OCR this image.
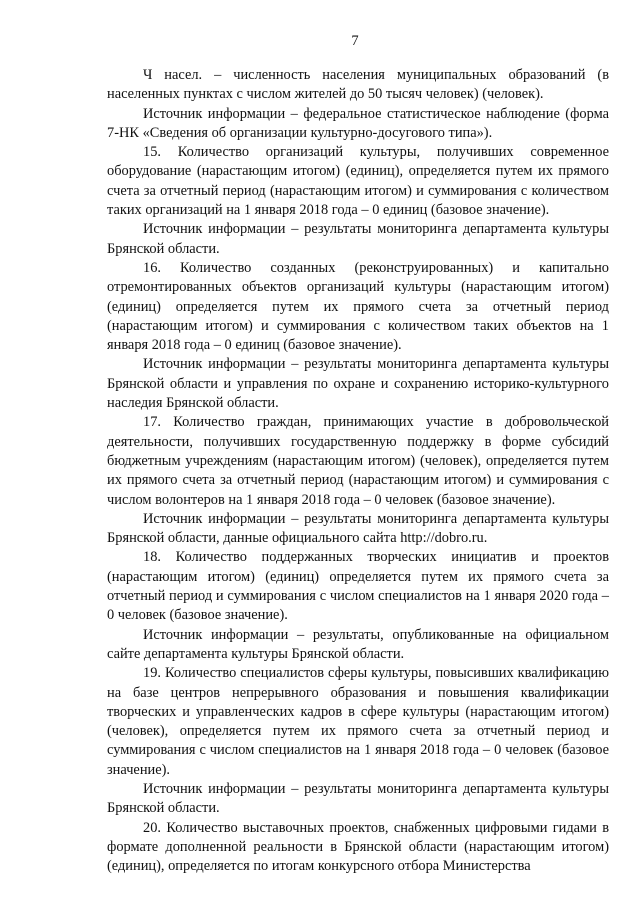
7

Ч насел. – численность населения муниципальных образований (в населенных пунктах с числом жителей до 50 тысяч человек) (человек).

Источник информации – федеральное статистическое наблюдение (форма 7-НК «Сведения об организации культурно-досугового типа»).

15. Количество организаций культуры, получивших современное оборудование (нарастающим итогом) (единиц), определяется путем их прямого счета за отчетный период (нарастающим итогом) и суммирования с количеством таких организаций на 1 января 2018 года – 0 единиц (базовое значение).

Источник информации – результаты мониторинга департамента культуры Брянской области.

16. Количество созданных (реконструированных) и капитально отремонтированных объектов организаций культуры (нарастающим итогом) (единиц) определяется путем их прямого счета за отчетный период (нарастающим итогом) и суммирования с количеством таких объектов на 1 января 2018 года – 0 единиц (базовое значение).

Источник информации – результаты мониторинга департамента культуры Брянской области и управления по охране и сохранению историко-культурного наследия Брянской области.

17. Количество граждан, принимающих участие в добровольческой деятельности, получивших государственную поддержку в форме субсидий бюджетным учреждениям (нарастающим итогом) (человек), определяется путем их прямого счета за отчетный период (нарастающим итогом) и суммирования с числом волонтеров на 1 января 2018 года – 0 человек (базовое значение).

Источник информации – результаты мониторинга департамента культуры Брянской области, данные официального сайта http://dobro.ru.

18. Количество поддержанных творческих инициатив и проектов (нарастающим итогом) (единиц) определяется путем их прямого счета за отчетный период и суммирования с числом специалистов на 1 января 2020 года – 0 человек (базовое значение).

Источник информации – результаты, опубликованные на официальном сайте департамента культуры Брянской области.

19. Количество специалистов сферы культуры, повысивших квалификацию на базе центров непрерывного образования и повышения квалификации творческих и управленческих кадров в сфере культуры (нарастающим итогом) (человек), определяется путем их прямого счета за отчетный период и суммирования с числом специалистов на 1 января 2018 года – 0 человек (базовое значение).

Источник информации – результаты мониторинга департамента культуры Брянской области.

20. Количество выставочных проектов, снабженных цифровыми гидами в формате дополненной реальности в Брянской области (нарастающим итогом) (единиц), определяется по итогам конкурсного отбора Министерства
